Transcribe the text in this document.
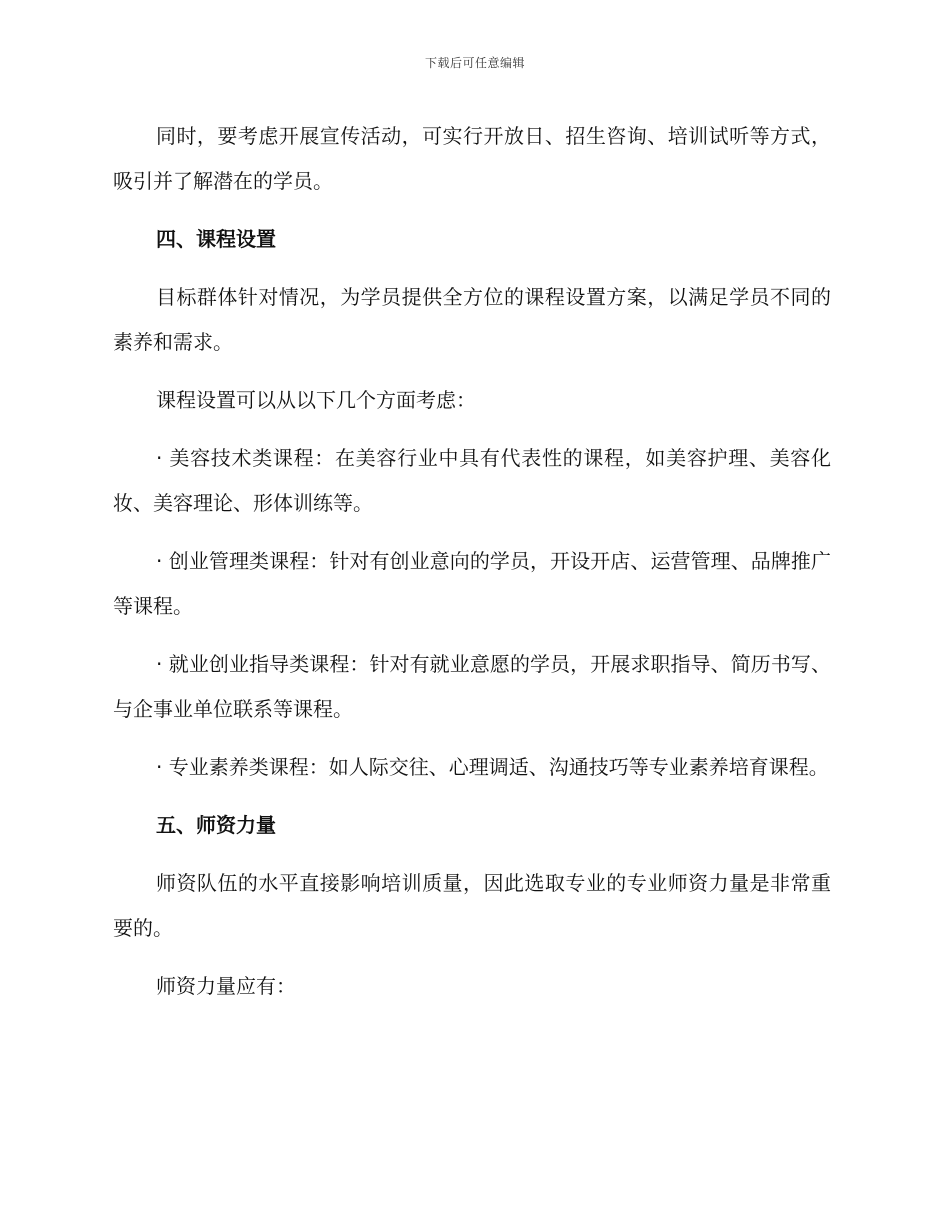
下载后可任意编辑

同时，要考虑开展宣传活动，可实行开放日、招生咨询、培训试听等方式，吸引并了解潜在的学员。

四、课程设置

目标群体针对情况，为学员提供全方位的课程设置方案，以满足学员不同的素养和需求。

课程设置可以从以下几个方面考虑：

· 美容技术类课程：在美容行业中具有代表性的课程，如美容护理、美容化妆、美容理论、形体训练等。

· 创业管理类课程：针对有创业意向的学员，开设开店、运营管理、品牌推广等课程。

· 就业创业指导类课程：针对有就业意愿的学员，开展求职指导、简历书写、与企事业单位联系等课程。

· 专业素养类课程：如人际交往、心理调适、沟通技巧等专业素养培育课程。

五、师资力量

师资队伍的水平直接影响培训质量，因此选取专业的专业师资力量是非常重要的。

师资力量应有：
